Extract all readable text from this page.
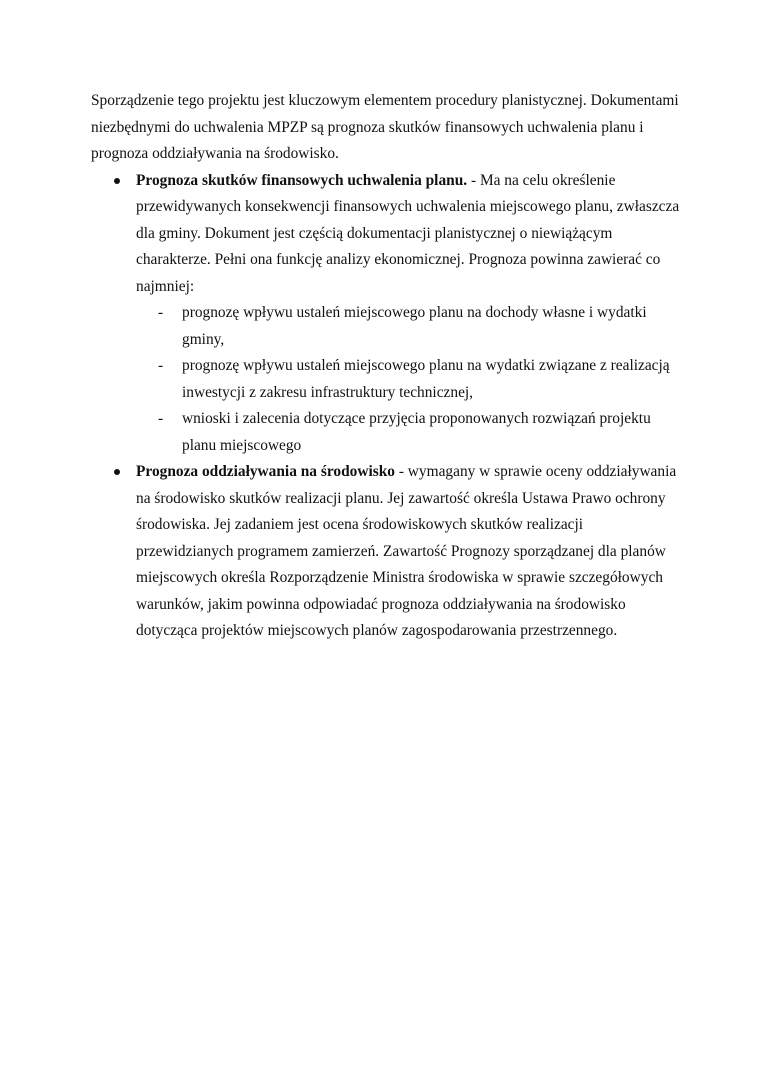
Sporządzenie tego projektu jest kluczowym elementem procedury planistycznej. Dokumentami niezbędnymi do uchwalenia MPZP są prognoza skutków finansowych uchwalenia planu i prognoza oddziaływania na środowisko.

Prognoza skutków finansowych uchwalenia planu. - Ma na celu określenie przewidywanych konsekwencji finansowych uchwalenia miejscowego planu, zwłaszcza dla gminy. Dokument jest częścią dokumentacji planistycznej o niewiążącym charakterze. Pełni ona funkcję analizy ekonomicznej. Prognoza powinna zawierać co najmniej:
- prognozę wpływu ustaleń miejscowego planu na dochody własne i wydatki gminy,
- prognozę wpływu ustaleń miejscowego planu na wydatki związane z realizacją inwestycji z zakresu infrastruktury technicznej,
- wnioski i zalecenia dotyczące przyjęcia proponowanych rozwiązań projektu planu miejscowego
Prognoza oddziaływania na środowisko - wymagany w sprawie oceny oddziaływania na środowisko skutków realizacji planu. Jej zawartość określa Ustawa Prawo ochrony środowiska. Jej zadaniem jest ocena środowiskowych skutków realizacji przewidzianych programem zamierzeń. Zawartość Prognozy sporządzanej dla planów miejscowych określa Rozporządzenie Ministra środowiska w sprawie szczegółowych warunków, jakim powinna odpowiadać prognoza oddziaływania na środowisko dotycząca projektów miejscowych planów zagospodarowania przestrzennego.
